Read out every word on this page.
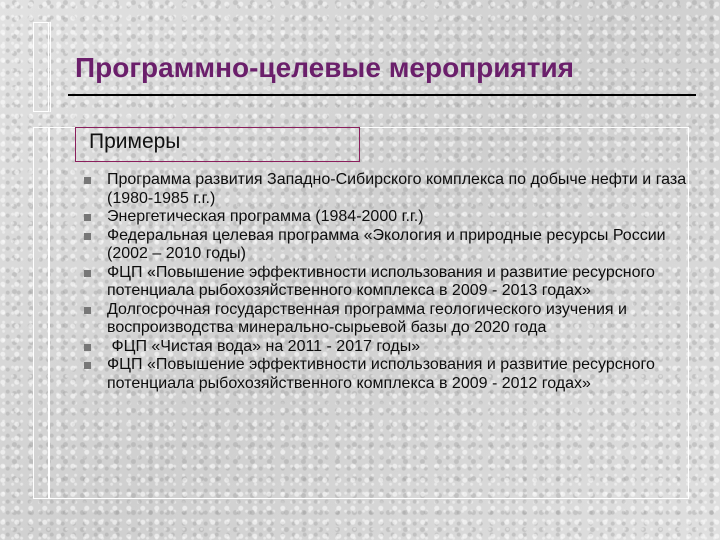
Программно-целевые мероприятия
Примеры
Программа развития Западно-Сибирского комплекса по добыче нефти и газа (1980-1985 г.г.)
Энергетическая программа (1984-2000 г.г.)
Федеральная целевая программа «Экология и природные ресурсы России (2002 – 2010 годы)
ФЦП «Повышение эффективности использования и развитие ресурсного потенциала рыбохозяйственного комплекса в 2009 - 2013 годах»
Долгосрочная государственная программа геологического изучения и воспроизводства минерально-сырьевой базы до 2020 года
ФЦП «Чистая вода» на 2011 - 2017 годы»
ФЦП «Повышение эффективности использования и развитие ресурсного потенциала рыбохозяйственного комплекса в 2009 - 2012 годах»
